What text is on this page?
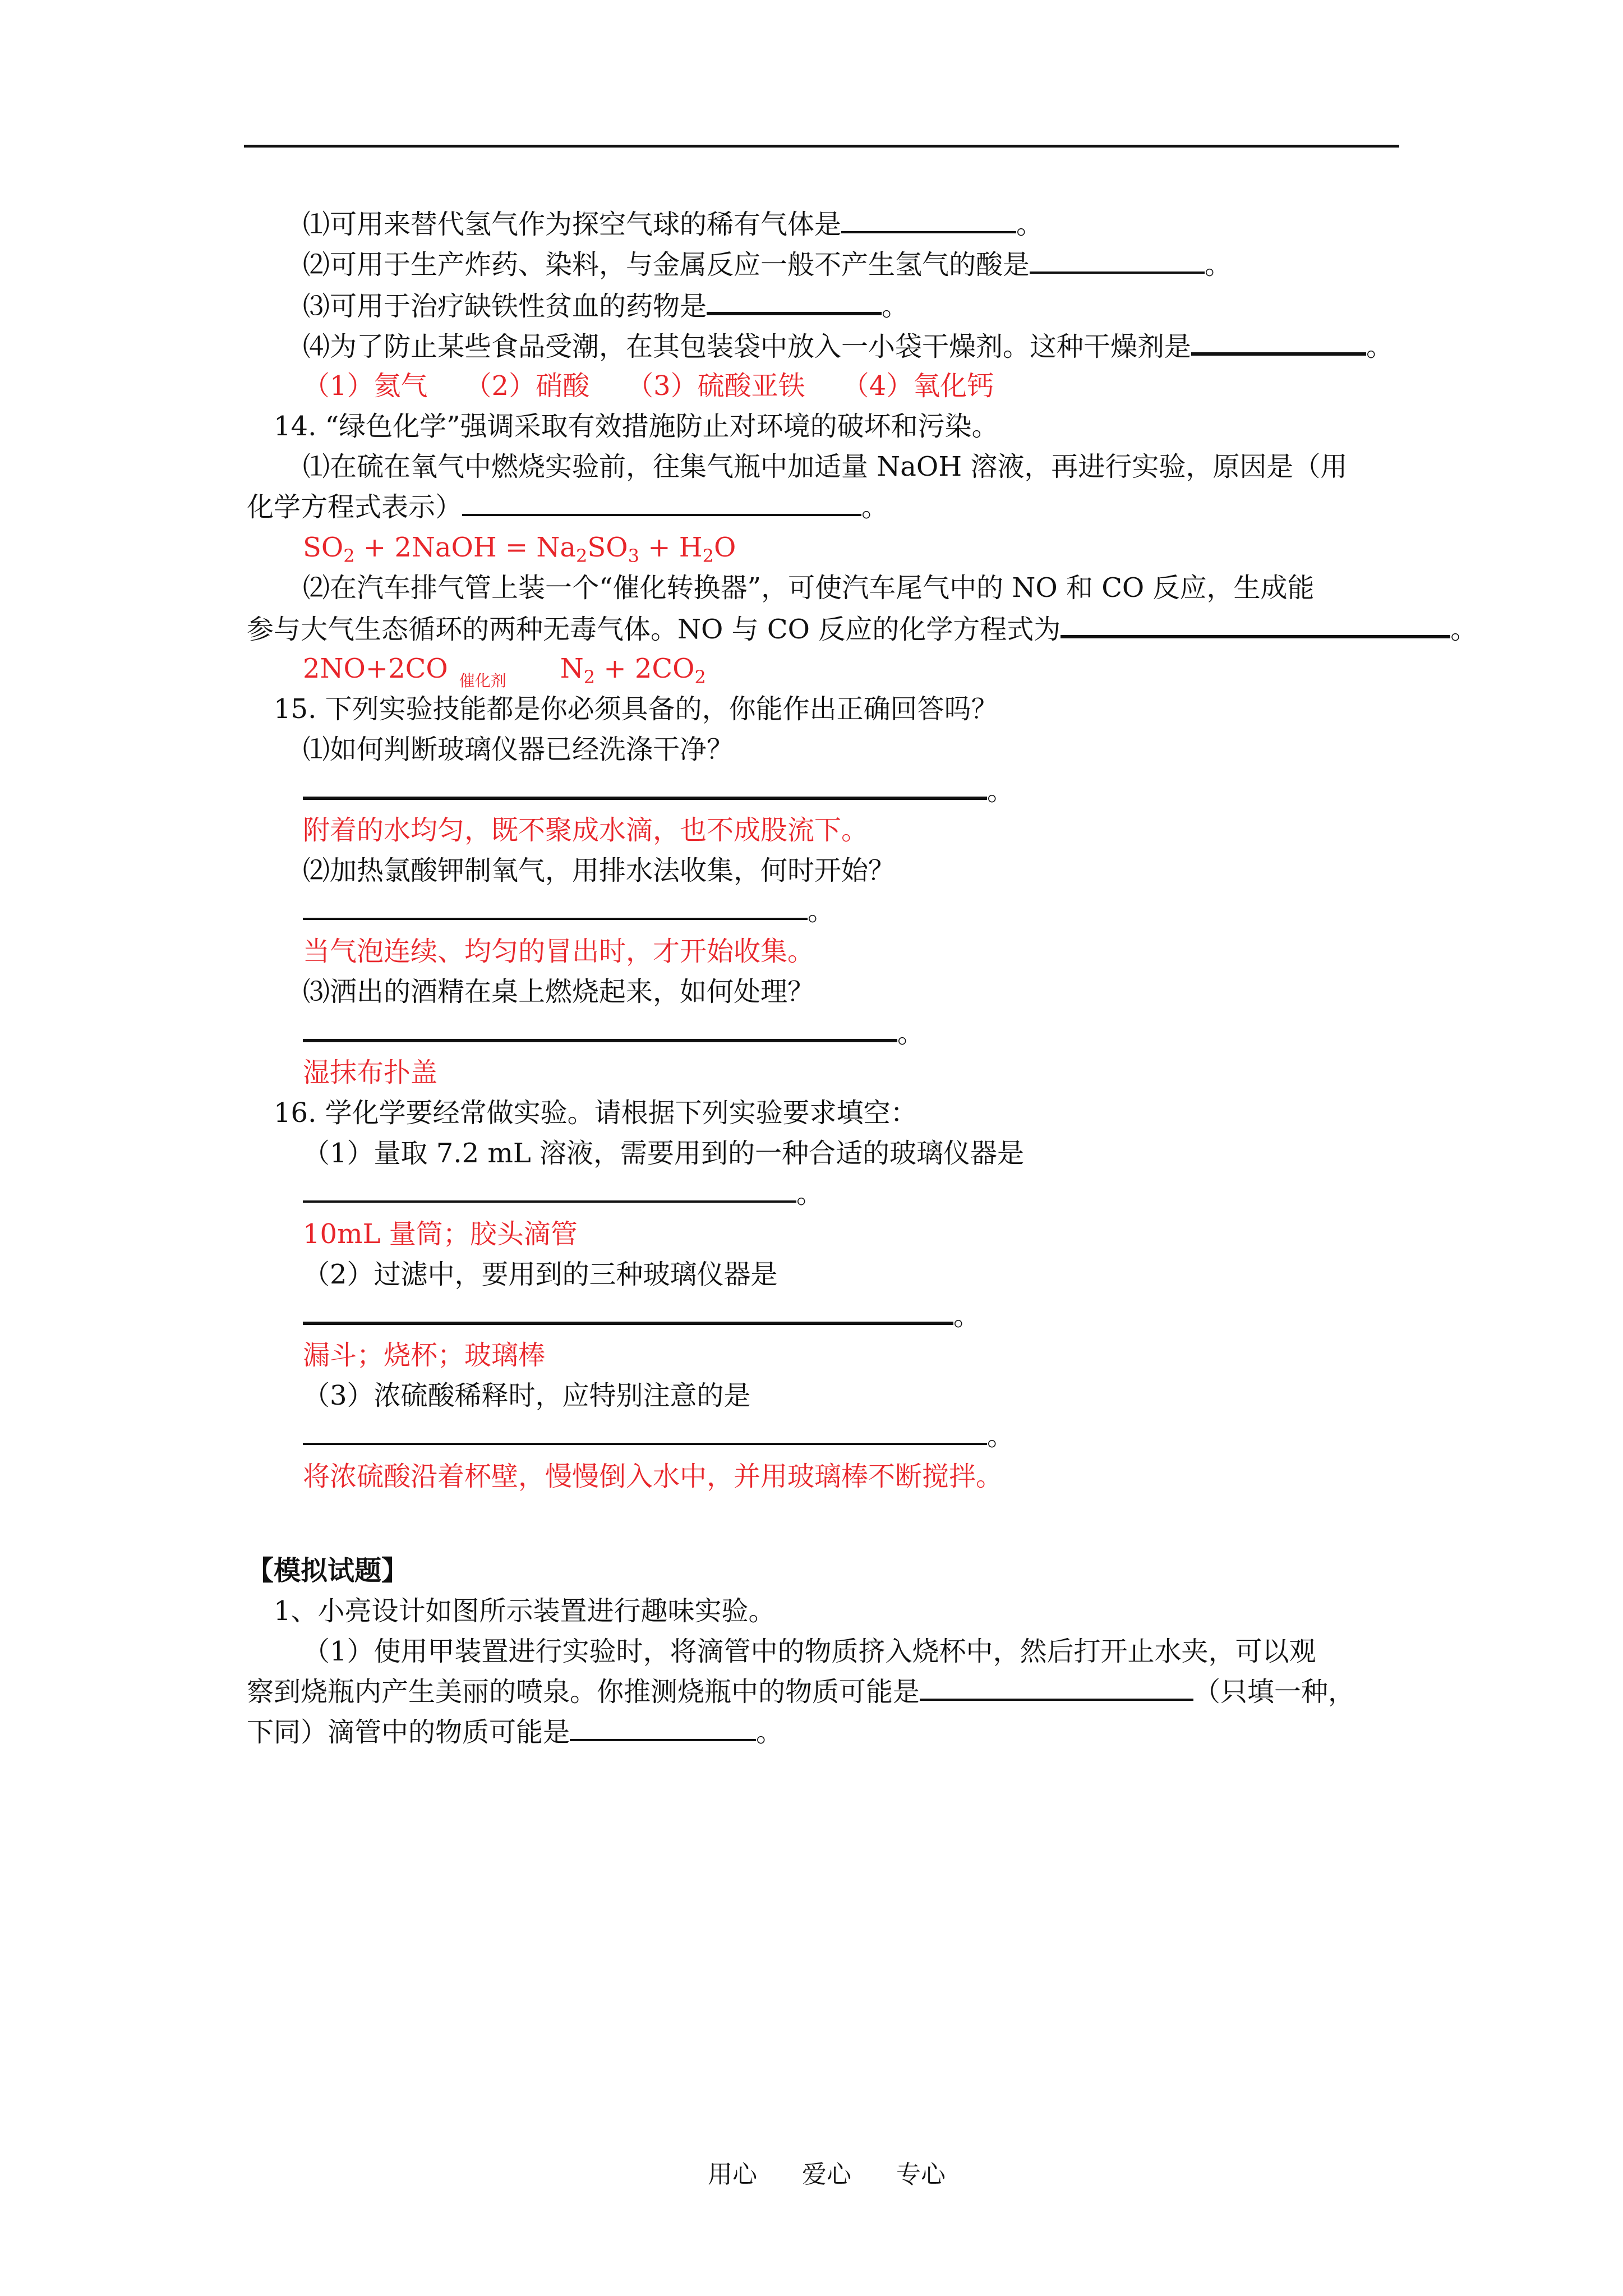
⑴可用来替代氢气作为探空气球的稀有气体是	。
⑵可用于生产炸药、染料，与金属反应一般不产生氢气的酸是	。
⑶可用于治疗缺铁性贫血的药物是	。
⑷为了防止某些食品受潮，在其包装袋中放入一小袋干燥剂。这种干燥剂是	。
（1）氦气 （2）硝酸 （3）硫酸亚铁 （4）氧化钙
14. “绿色化学”强调采取有效措施防止对环境的破坏和污染。
⑴在硫在氧气中燃烧实验前，往集气瓶中加适量 NaOH 溶液，再进行实验，原因是（用
化学方程式表示）	。
$SO_2$ + 2NaOH = $Na_2SO_3 + H_2O$
⑵在汽车排气管上装一个“催化转换器”，可使汽车尾气中的 NO 和 CO 反应，生成能
参与大气生态循环的两种无毒气体。NO 与 CO 反应的化学方程式为	。
2NO+2CO 催化剂 $N_2 + 2CO_2$
15. 下列实验技能都是你必须具备的，你能作出正确回答吗？
⑴如何判断玻璃仪器已经洗涤干净？
。
附着的水均匀，既不聚成水滴，也不成股流下。
⑵加热氯酸钾制氧气，用排水法收集，何时开始？
。
当气泡连续、均匀的冒出时，才开始收集。
⑶洒出的酒精在桌上燃烧起来，如何处理？
。
湿抹布扑盖
16. 学化学要经常做实验。请根据下列实验要求填空：
（1）量取 7.2 mL 溶液，需要用到的一种合适的玻璃仪器是
。
10mL 量筒；胶头滴管
（2）过滤中，要用到的三种玻璃仪器是
。
漏斗；烧杯；玻璃棒
（3）浓硫酸稀释时，应特别注意的是
。
将浓硫酸沿着杯壁，慢慢倒入水中，并用玻璃棒不断搅拌。
【模拟试题】
1、小亮设计如图所示装置进行趣味实验。
（1）使用甲装置进行实验时，将滴管中的物质挤入烧杯中，然后打开止水夹，可以观
察到烧瓶内产生美丽的喷泉。你推测烧瓶中的物质可能是	（只填一种，
下同）滴管中的物质可能是	。
用心 爱心 专心
